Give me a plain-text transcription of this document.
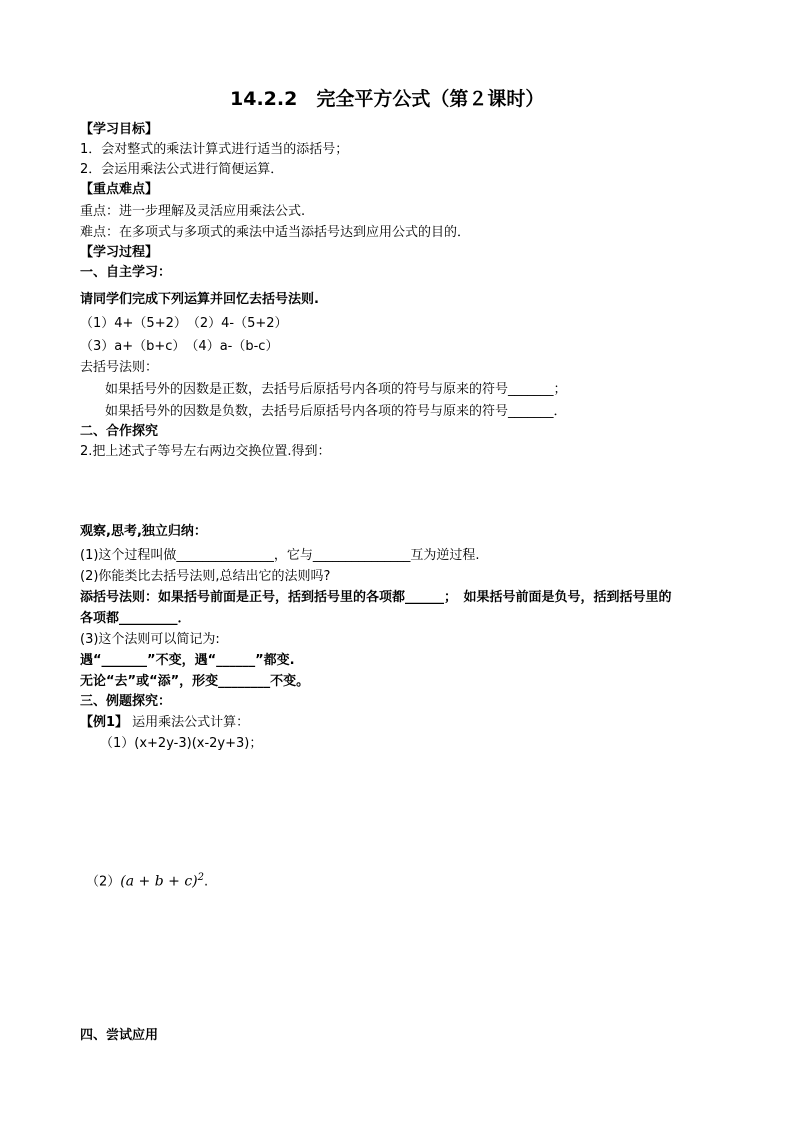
14.2.2　完全平方公式（第２课时）
【学习目标】
1．会对整式的乘法计算式进行适当的添括号；
2．会运用乘法公式进行简便运算．
【重点难点】
重点：进一步理解及灵活应用乘法公式.
难点：在多项式与多项式的乘法中适当添括号达到应用公式的目的．
【学习过程】
一、自主学习：
请同学们完成下列运算并回忆去括号法则.
（1）4+（5+2）　（2）4-（5+2）
（3）a+（b+c）　（4）a-（b-c）
去括号法则：
如果括号外的因数是正数，去括号后原括号内各项的符号与原来的符号_______；
如果括号外的因数是负数，去括号后原括号内各项的符号与原来的符号_______．
二、合作探究
2.把上述式子等号左右两边交换位置.得到：
观察,思考,独立归纳：
(1)这个过程叫做_______________，它与_______________互为逆过程.
(2)你能类比去括号法则,总结出它的法则吗?
添括号法则：如果括号前面是正号，括到括号里的各项都______；　如果括号前面是负号，括到括号里的
各项都_________．
(3)这个法则可以简记为:
遇“_______”不变，遇“______”都变.
无论“去”或“添”，形变________不变。
三、例题探究：
【例1】 运用乘法公式计算：
（1）(x+2y-3)(x-2y+3)；
$(2)(a + b + c)^2$.
四、尝试应用
